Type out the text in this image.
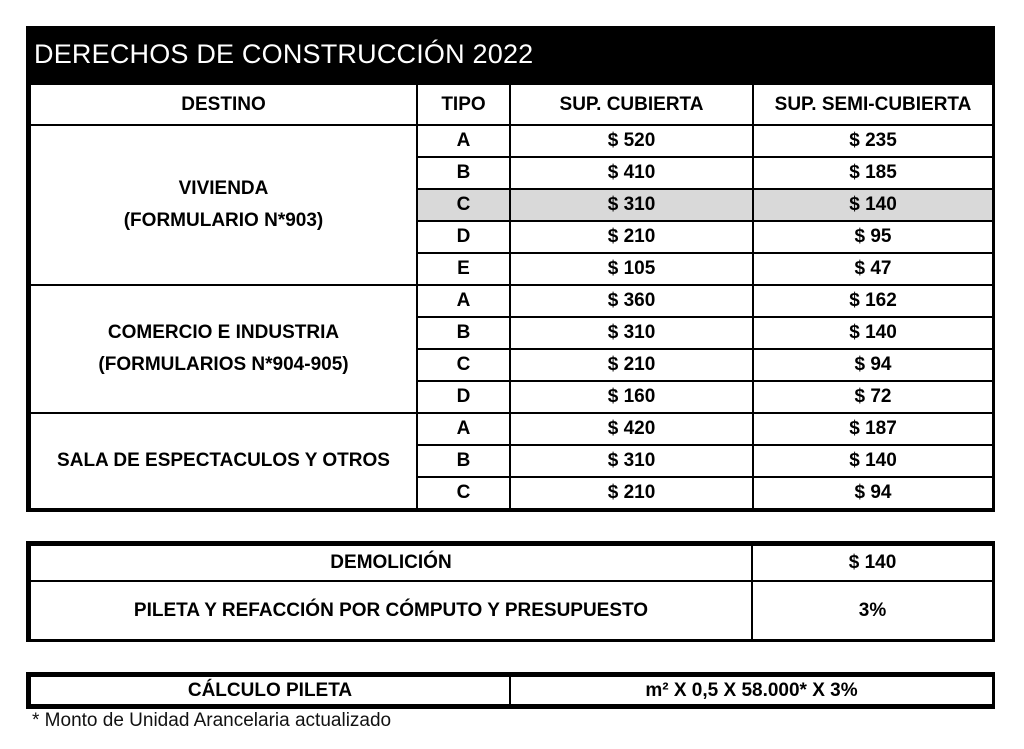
DERECHOS DE CONSTRUCCIÓN 2022
DESTINO	TIPO	SUP. CUBIERTA	SUP. SEMI-CUBIERTA

VIVIENDA
(FORMULARIO N*903)	A	$ 520	$ 235
	B	$ 410	$ 185
	C	$ 310	$ 140
	D	$ 210	$ 95
	E	$ 105	$ 47

COMERCIO E INDUSTRIA
(FORMULARIOS N*904-905)	A	$ 360	$ 162
	B	$ 310	$ 140
	C	$ 210	$ 94
	D	$ 160	$ 72

SALA DE ESPECTACULOS Y OTROS	A	$ 420	$ 187
	B	$ 310	$ 140
	C	$ 210	$ 94
DEMOLICIÓN	$ 140
PILETA Y REFACCIÓN POR CÓMPUTO Y PRESUPUESTO	3%
CÁLCULO PILETA	m² X 0,5 X 58.000* X 3%
* Monto de Unidad Arancelaria actualizado
